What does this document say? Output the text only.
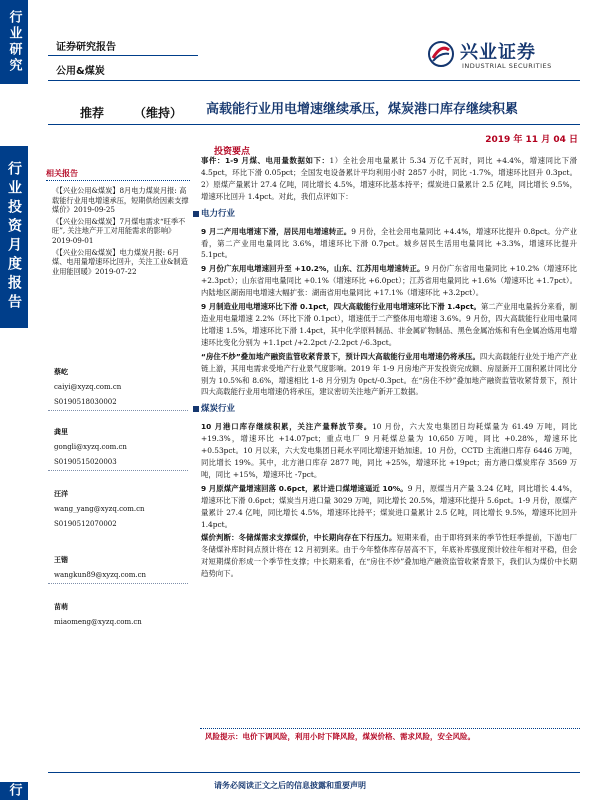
行业研究
行业投资月度报告
行
证券研究报告
公用&煤炭
兴业证券
INDUSTRIAL SECURITIES
推荐 （维持） 高载能行业用电增速继续承压，煤炭港口库存继续积累
2019 年 11 月 04 日
投资要点
相关报告

《【兴业公用&煤炭】8月电力煤炭月报: 高载能行业用电增速承压，短期供给因素支撑煤价》2019-09-25

《【兴业公用&煤炭】7月煤电需求“旺季不旺”, 关注地产开工对用能需求的影响》2019-09-01

《【兴业公用&煤炭】电力煤炭月报: 6月煤、电用量增速环比回升，关注工业&制造业用能回暖》2019-07-22

蔡屹
caiyi@xyzq.com.cn
S0190518030002
龚里
gongli@xyzq.com.cn
S0190515020003
汪洋
wang_yang@xyzq.com.cn
S0190512070002
王锴
wangkun89@xyzq.com.cn
苗萌
miaomeng@xyzq.com.cn

事件：1-9 月煤、电用量数据如下：1）全社会用电量累计 5.34 万亿千瓦时，同比 +4.4%，增速同比下滑 4.5pct，环比下滑 0.05pct；全国发电设备累计平均利用小时 2857 小时，同比 -1.7%，增速环比回升 0.3pct。2）原煤产量累计 27.4 亿吨，同比增长 4.5%，增速环比基本持平；煤炭进口量累计 2.5 亿吨，同比增长 9.5%，增速环比回升 1.4pct。对此，我们点评如下：

电力行业

9 月二产用电增速下滑，居民用电增速转正。9 月份，全社会用电量同比 +4.4%，增速环比提升 0.8pct。分产业看，第二产业用电量同比 3.6%，增速环比下滑 0.7pct。城乡居民生活用电量同比 +3.3%，增速环比提升 5.1pct。

9 月份广东用电增速回升至 +10.2%，山东、江苏用电增速转正。9 月份广东省用电量同比 +10.2%（增速环比 +2.3pct）；山东省用电量同比 +0.1%（增速环比 +6.0pct）；江苏省用电量同比 +1.6%（增速环比 +1.7pct）。内陆地区湖南用电增速大幅扩张：湖南省用电量同比 +17.1%（增速环比 +3.2pct）。

9 月制造业用电增速环比下滑 0.1pct，四大高载能行业用电增速环比下滑 1.4pct。第二产业用电量拆分来看，制造业用电量增速 2.2%（环比下滑 0.1pct），增速低于二产整体用电增速 3.6%。9 月份，四大高载能行业用电量同比增速 1.5%，增速环比下滑 1.4pct，其中化学原料制品、非金属矿物制品、黑色金属冶炼和有色金属冶炼用电增速环比变化分别为 +1.1pct /+2.2pct /-2.2pct /-6.3pct。

“房住不炒”叠加地产融资监管收紧背景下，预计四大高载能行业用电增速仍将承压。四大高载能行业处于地产产业链上游，其用电需求受地产行业景气度影响。2019 年 1-9 月房地产开发投资完成额、房屋新开工面积累计同比分别为 10.5%和 8.6%，增速相比 1-8 月分别为 0pct/-0.3pct。在“房住不炒”叠加地产融资监管收紧背景下，预计四大高载能行业用电增速仍将承压，建议密切关注地产新开工数据。

煤炭行业

10 月港口库存继续积累，关注产量释放节奏。10 月份，六大发电集团日均耗煤量为 61.49 万吨，同比 +19.3%，增速环比 +14.07pct；重点电厂 9 月耗煤总量为 10,650 万吨，同比 +0.28%，增速环比 +0.53pct。10 月以来，六大发电集团日耗水平同比增速开始加速。10 月份，CCTD 主流港口库存 6446 万吨，同比增长 19%。其中，北方港口库存 2877 吨，同比 +25%，增速环比 +19pct；南方港口煤炭库存 3569 万吨，同比 +15%，增速环比 -7pct。

9 月原煤产量增速回落 0.6pct，累计进口煤增速逼近 10%。9 月，原煤当月产量 3.24 亿吨，同比增长 4.4%，增速环比下滑 0.6pct；煤炭当月进口量 3029 万吨，同比增长 20.5%，增速环比提升 5.6pct。1-9 月份，原煤产量累计 27.4 亿吨，同比增长 4.5%，增速环比持平；煤炭进口量累计 2.5 亿吨，同比增长 9.5%，增速环比回升 1.4pct。

煤价判断：冬储煤需求支撑煤价，中长期向存在下行压力。短期来看，由于即将到来的季节性旺季提前，下游电厂冬储煤补库时间点预计将在 12 月初到来。由于今年整体库存居高不下，年底补库强度预计较往年相对平稳，但会对短期煤价形成一个季节性支撑；中长期来看，在“房住不炒”叠加地产融资监管收紧背景下，我们认为煤价中长期趋势向下。

风险提示：电价下调风险，利用小时下降风险，煤炭价格、需求风险，安全风险。
请务必阅读正文之后的信息披露和重要声明
